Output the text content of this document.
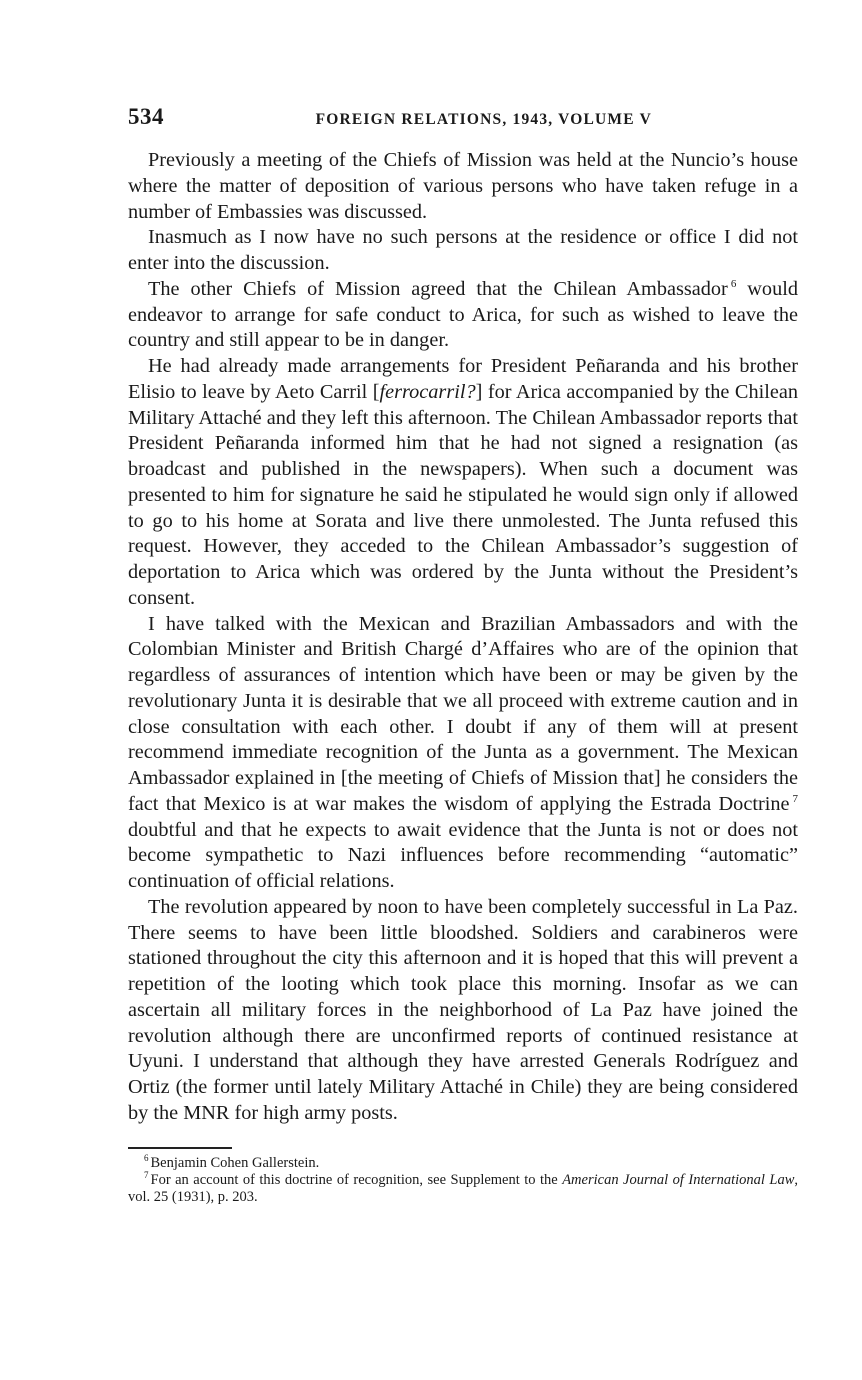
534	FOREIGN RELATIONS, 1943, VOLUME V

Previously a meeting of the Chiefs of Mission was held at the Nuncio’s house where the matter of deposition of various persons who have taken refuge in a number of Embassies was discussed.

Inasmuch as I now have no such persons at the residence or office I did not enter into the discussion.

The other Chiefs of Mission agreed that the Chilean Ambassador $^6$ would endeavor to arrange for safe conduct to Arica, for such as wished to leave the country and still appear to be in danger.

He had already made arrangements for President Peñaranda and his brother Elisio to leave by Aeto Carril [ferrocarril?] for Arica accompanied by the Chilean Military Attaché and they left this afternoon. The Chilean Ambassador reports that President Peñaranda informed him that he had not signed a resignation (as broadcast and published in the newspapers). When such a document was presented to him for signature he said he stipulated he would sign only if allowed to go to his home at Sorata and live there unmolested. The Junta refused this request. However, they acceded to the Chilean Ambassador’s suggestion of deportation to Arica which was ordered by the Junta without the President’s consent.

I have talked with the Mexican and Brazilian Ambassadors and with the Colombian Minister and British Chargé d’Affaires who are of the opinion that regardless of assurances of intention which have been or may be given by the revolutionary Junta it is desirable that we all proceed with extreme caution and in close consultation with each other. I doubt if any of them will at present recommend immediate recognition of the Junta as a government. The Mexican Ambassador explained in [the meeting of Chiefs of Mission that] he considers the fact that Mexico is at war makes the wisdom of applying the Estrada Doctrine $^7$ doubtful and that he expects to await evidence that the Junta is not or does not become sympathetic to Nazi influences before recommending “automatic” continuation of official relations.

The revolution appeared by noon to have been completely successful in La Paz. There seems to have been little bloodshed. Soldiers and carabineros were stationed throughout the city this afternoon and it is hoped that this will prevent a repetition of the looting which took place this morning. Insofar as we can ascertain all military forces in the neighborhood of La Paz have joined the revolution although there are unconfirmed reports of continued resistance at Uyuni. I understand that although they have arrested Generals Rodríguez and Ortiz (the former until lately Military Attaché in Chile) they are being considered by the MNR for high army posts.

$^6$ Benjamin Cohen Gallerstein.

$^7$ For an account of this doctrine of recognition, see Supplement to the American Journal of International Law, vol. 25 (1931), p. 203.
